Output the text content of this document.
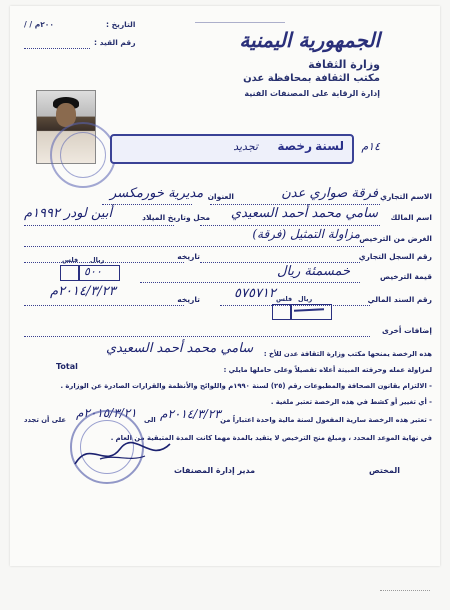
الجمهورية اليمنية
وزارة الثقافة
مكتب الثقافة بمحافظة عدن
إدارة الرقابة على المصنفات الفنية
التاريخ :
/ / ٢٠٠م
رقم القيد :
رخصة
تجديد	لسنة ١٤م
الاسم التجاري
فرقة صواري عدن
العنوان
مديرية خورمكسر
اسم المالك
سامي محمد أحمد السعيدي
محل وتاريخ الميلاد
أبين لودر ١٩٩٢م
الغرض من الترخيص
مزاولة التمثيل (فرقة)
رقم السجل التجاري
تاريخه
قيمة الترخيص
فلس ريال
٥٠٠	خمسمئة ريال
رقم السند المالي
٥٧٥٧١٢
تاريخه
٢٠١٤/٣/٢٣م	فلس ريال
إضافات أخرى
هذه الرخصة يمنحها مكتب وزارة الثقافة عدن للأخ :
سامي محمد أحمد السعيدي
لمزاولة عمله وحرفته المبينة أعلاه تفصيلاً وعلى حاملها مايلي :
Total
- الالتزام بقانون الصحافة والمطبوعات رقم (٢٥) لسنة ١٩٩٠م واللوائح والأنظمة والقرارات الصادرة عن الوزارة .
- أي تغيير أو كشط في هذه الرخصة تعتبر ملغية .
- تعتبر هذه الرخصة سارية المفعول لسنة مالية واحدة اعتباراً من
٢٠١٤/٣/٢٣م
الى
٢٠١٥/٣/٢١م
على أن تجدد
في نهاية الموعد المحدد ، ومبلغ منح الترخيص لا يتقيد بالمدة مهما كانت المدة المتبقية من العام .
المختص
مدير إدارة المصنفات
